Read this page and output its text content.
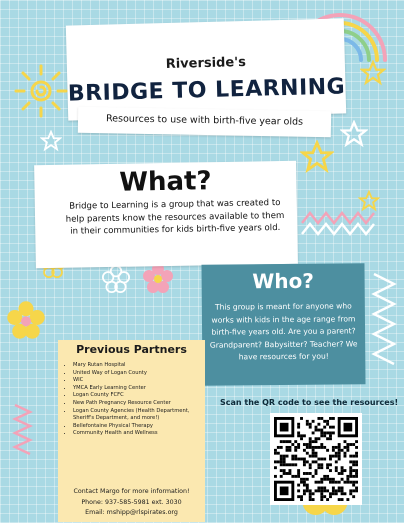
Riverside's
BRIDGE TO LEARNING
Resources to use with birth-five year olds
What?
Bridge to Learning is a group that was created to help parents know the resources available to them in their communities for kids birth-five years old.
Who?
This group is meant for anyone who works with kids in the age range from birth-five years old. Are you a parent? Grandparent? Babysitter? Teacher? We have resources for you!
Previous Partners
• Mary Rutan Hospital
• United Way of Logan County
• WIC
• YMCA Early Learning Center
• Logan County FCFC
• New Path Pregnancy Resource Center
• Logan County Agencies (Health Department, Sheriff's Department, and more!)
• Bellefontaine Physical Therapy
• Community Health and Wellness
Contact Margo for more information!
Phone: 937-585-5981 ext. 3030
Email: mshipp@rlspirates.org
Scan the QR code to see the resources!
